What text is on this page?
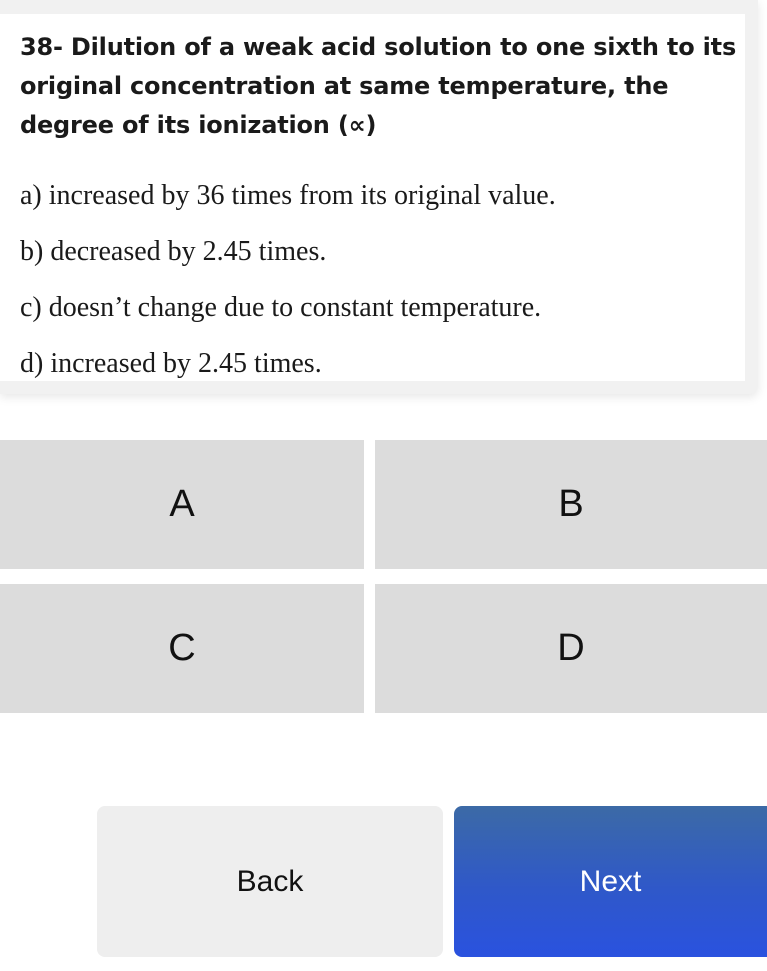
38- Dilution of a weak acid solution to one sixth to its original concentration at same temperature, the degree of its ionization (∝)

a) increased by 36 times from its original value.

b) decreased by 2.45 times.

c) doesn’t change due to constant temperature.

d) increased by 2.45 times.

A	B
C	D
Back	Next
